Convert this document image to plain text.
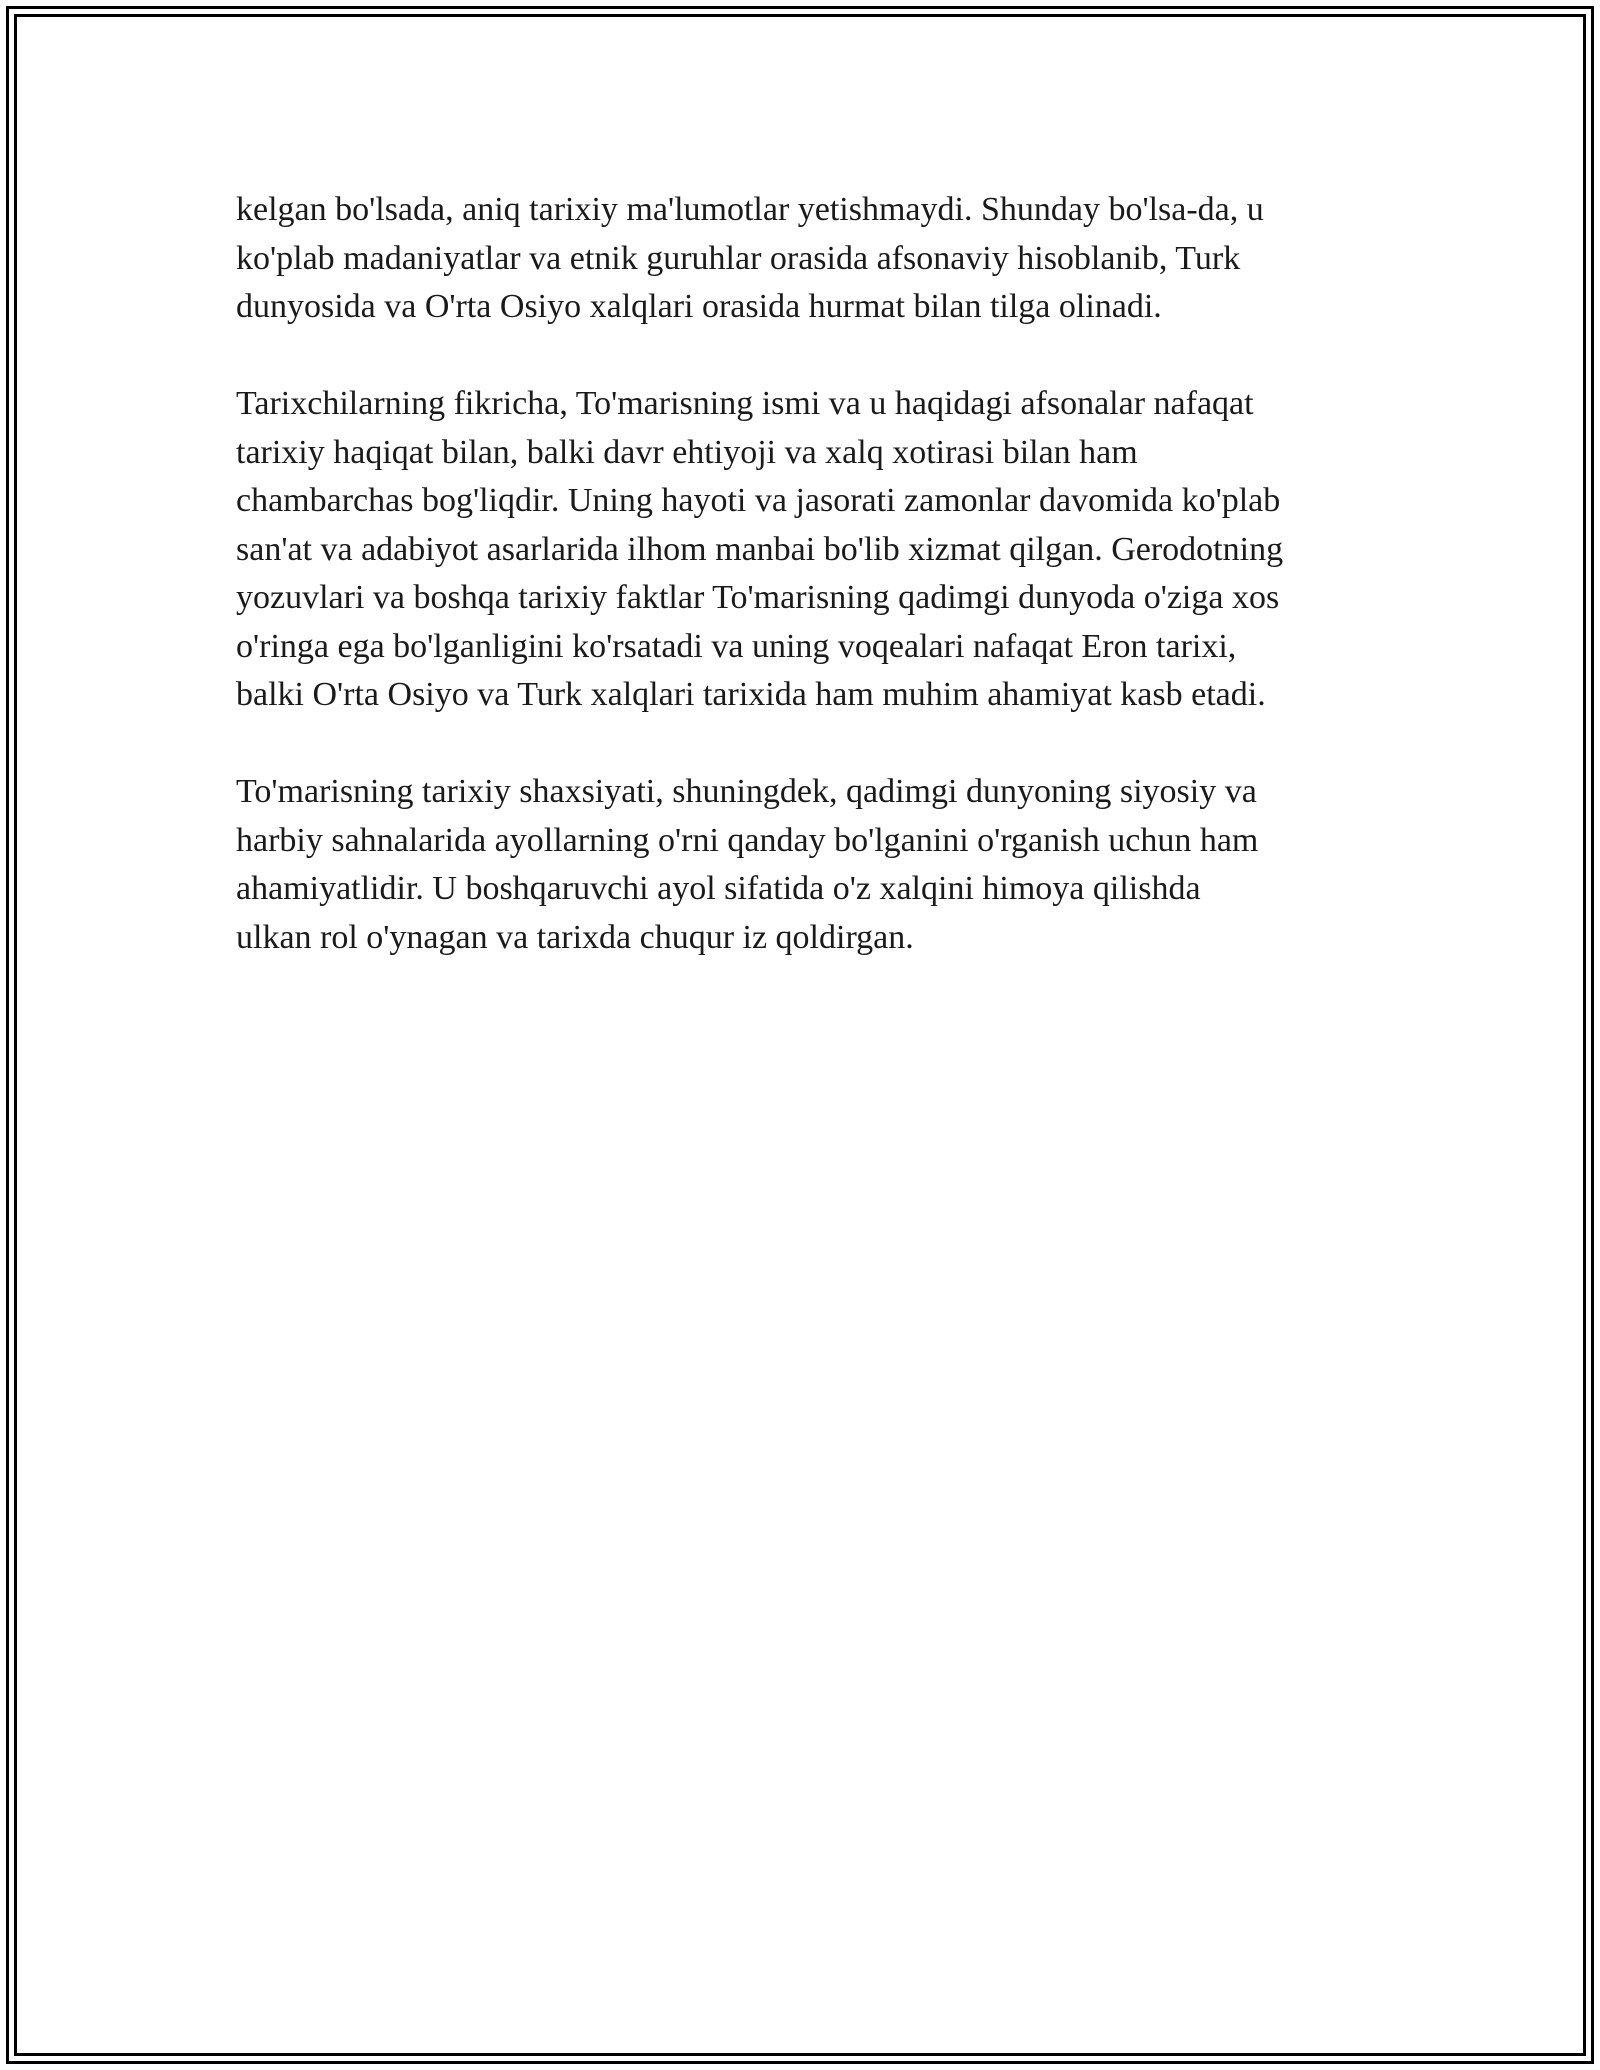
kelgan bo'lsada, aniq tarixiy ma'lumotlar yetishmaydi. Shunday bo'lsa-da, u
ko'plab madaniyatlar va etnik guruhlar orasida afsonaviy hisoblanib, Turk
dunyosida va O'rta Osiyo xalqlari orasida hurmat bilan tilga olinadi.

Tarixchilarning fikricha, To'marisning ismi va u haqidagi afsonalar nafaqat
tarixiy haqiqat bilan, balki davr ehtiyoji va xalq xotirasi bilan ham
chambarchas bog'liqdir. Uning hayoti va jasorati zamonlar davomida ko'plab
san'at va adabiyot asarlarida ilhom manbai bo'lib xizmat qilgan. Gerodotning
yozuvlari va boshqa tarixiy faktlar To'marisning qadimgi dunyoda o'ziga xos
o'ringa ega bo'lganligini ko'rsatadi va uning voqealari nafaqat Eron tarixi,
balki O'rta Osiyo va Turk xalqlari tarixida ham muhim ahamiyat kasb etadi.

To'marisning tarixiy shaxsiyati, shuningdek, qadimgi dunyoning siyosiy va
harbiy sahnalarida ayollarning o'rni qanday bo'lganini o'rganish uchun ham
ahamiyatlidir. U boshqaruvchi ayol sifatida o'z xalqini himoya qilishda
ulkan rol o'ynagan va tarixda chuqur iz qoldirgan.
